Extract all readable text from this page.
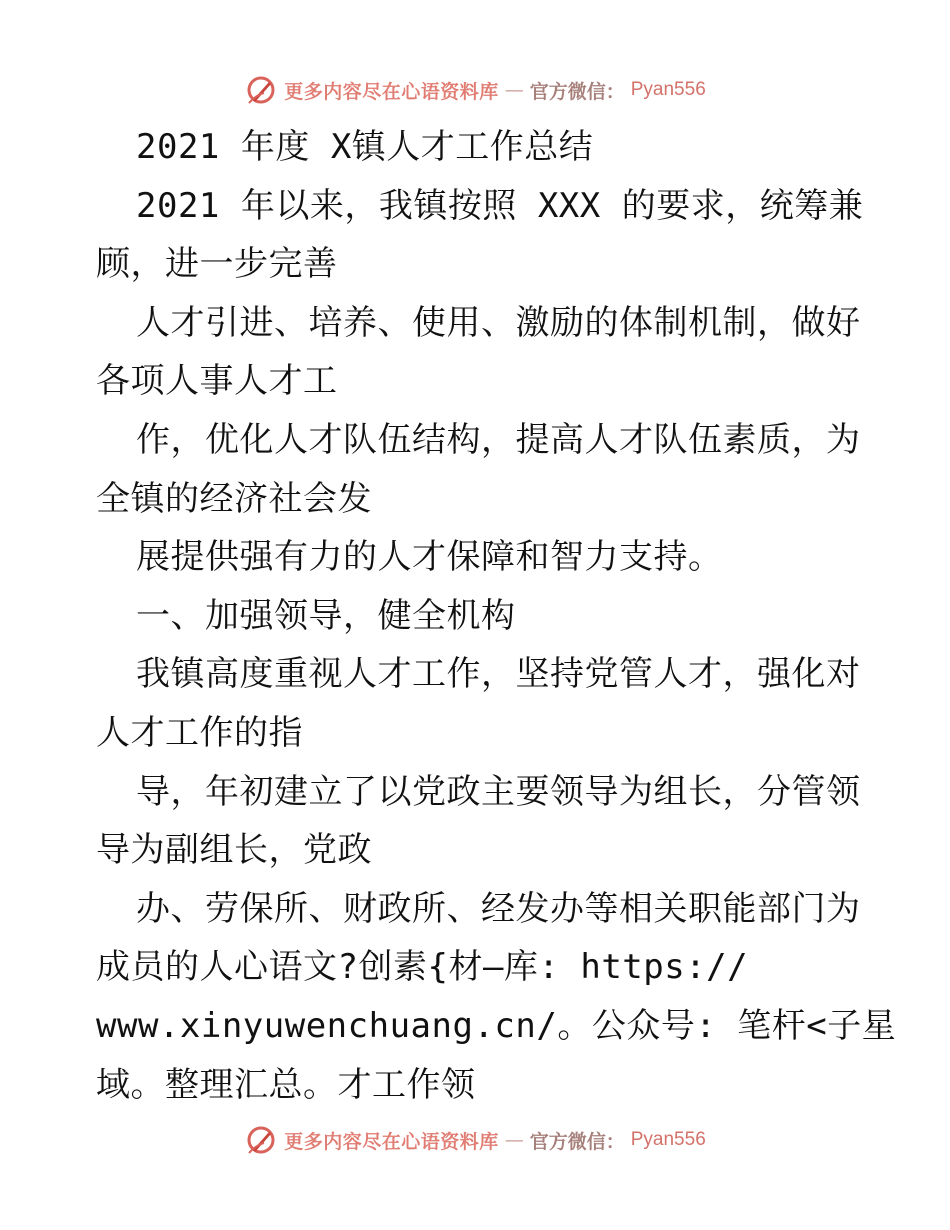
更多内容尽在心语资料库 — 官方微信： Pyan556
2021 年度 X镇人才工作总结
2021 年以来，我镇按照 XXX 的要求，统筹兼
顾，进一步完善
人才引进、培养、使用、激励的体制机制，做好
各项人事人才工
作，优化人才队伍结构，提高人才队伍素质，为
全镇的经济社会发
展提供强有力的人才保障和智力支持。
一、加强领导，健全机构
我镇高度重视人才工作，坚持党管人才，强化对
人才工作的指
导，年初建立了以党政主要领导为组长，分管领
导为副组长，党政
办、劳保所、财政所、经发办等相关职能部门为
成员的人心语文?创素{材—库: https://
www.xinyuwenchuang.cn/。公众号: 笔杆<子星
域。整理汇总。才工作领
更多内容尽在心语资料库 — 官方微信： Pyan556
